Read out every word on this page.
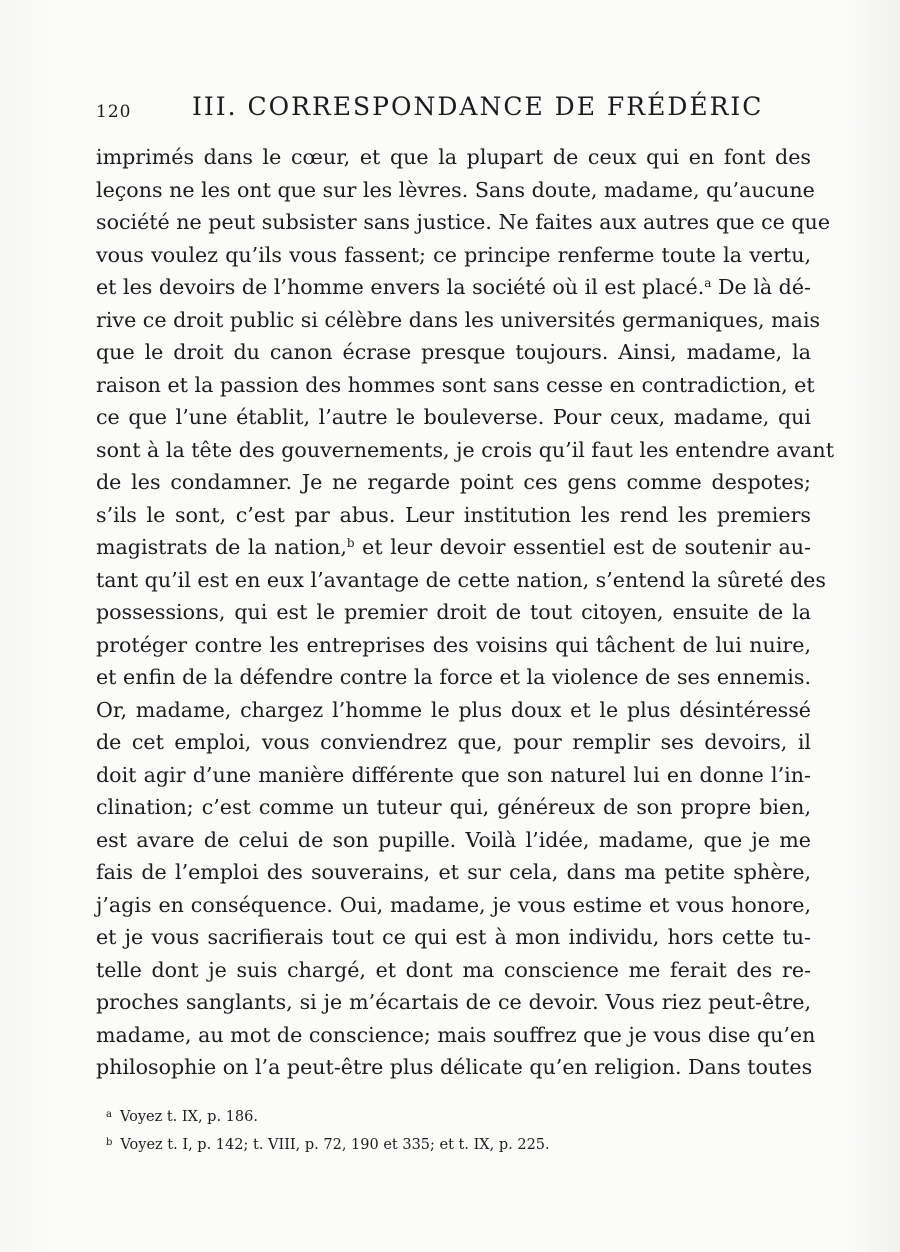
120 III. CORRESPONDANCE DE FRÉDÉRIC
imprimés dans le cœur, et que la plupart de ceux qui en font des
leçons ne les ont que sur les lèvres. Sans doute, madame, qu’aucune
société ne peut subsister sans justice. Ne faites aux autres que ce que
vous voulez qu’ils vous fassent; ce principe renferme toute la vertu,
et les devoirs de l’homme envers la société où il est placé.$^a$ De là dé-
rive ce droit public si célèbre dans les universités germaniques, mais
que le droit du canon écrase presque toujours. Ainsi, madame, la
raison et la passion des hommes sont sans cesse en contradiction, et
ce que l’une établit, l’autre le bouleverse. Pour ceux, madame, qui
sont à la tête des gouvernements, je crois qu’il faut les entendre avant
de les condamner. Je ne regarde point ces gens comme despotes;
s’ils le sont, c’est par abus. Leur institution les rend les premiers
magistrats de la nation,$^b$ et leur devoir essentiel est de soutenir au-
tant qu’il est en eux l’avantage de cette nation, s’entend la sûreté des
possessions, qui est le premier droit de tout citoyen, ensuite de la
protéger contre les entreprises des voisins qui tâchent de lui nuire,
et enfin de la défendre contre la force et la violence de ses ennemis.
Or, madame, chargez l’homme le plus doux et le plus désintéressé
de cet emploi, vous conviendrez que, pour remplir ses devoirs, il
doit agir d’une manière différente que son naturel lui en donne l’in-
clination; c’est comme un tuteur qui, généreux de son propre bien,
est avare de celui de son pupille. Voilà l’idée, madame, que je me
fais de l’emploi des souverains, et sur cela, dans ma petite sphère,
j’agis en conséquence. Oui, madame, je vous estime et vous honore,
et je vous sacrifierais tout ce qui est à mon individu, hors cette tu-
telle dont je suis chargé, et dont ma conscience me ferait des re-
proches sanglants, si je m’écartais de ce devoir. Vous riez peut-être,
madame, au mot de conscience; mais souffrez que je vous dise qu’en
philosophie on l’a peut-être plus délicate qu’en religion. Dans toutes
$^a$ Voyez t. IX, p. 186.
$^b$ Voyez t. I, p. 142; t. VIII, p. 72, 190 et 335; et t. IX, p. 225.
